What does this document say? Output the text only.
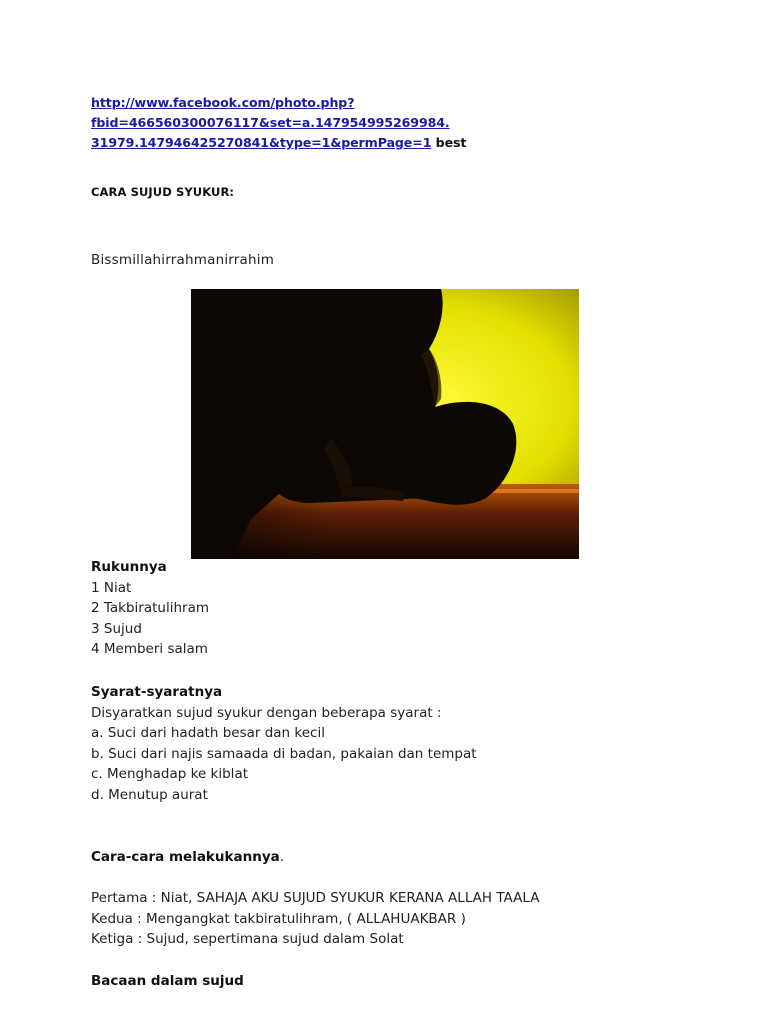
http://www.facebook.com/photo.php?fbid=466560300076117&set=a.147954995269984.
31979.147946425270841&type=1&permPage=1 best
CARA SUJUD SYUKUR:
Bissmillahirrahmanirrahim
Rukunnya
1 Niat
2 Takbiratulihram
3 Sujud
4 Memberi salam
Syarat-syaratnya
Disyaratkan sujud syukur dengan beberapa syarat :
a. Suci dari hadath besar dan kecil
b. Suci dari najis samaada di badan, pakaian dan tempat
c. Menghadap ke kiblat
d. Menutup aurat
Cara-cara melakukannya.
Pertama : Niat, SAHAJA AKU SUJUD SYUKUR KERANA ALLAH TAALA
Kedua : Mengangkat takbiratulihram, ( ALLAHUAKBAR )
Ketiga : Sujud, sepertimana sujud dalam Solat
Bacaan dalam sujud
